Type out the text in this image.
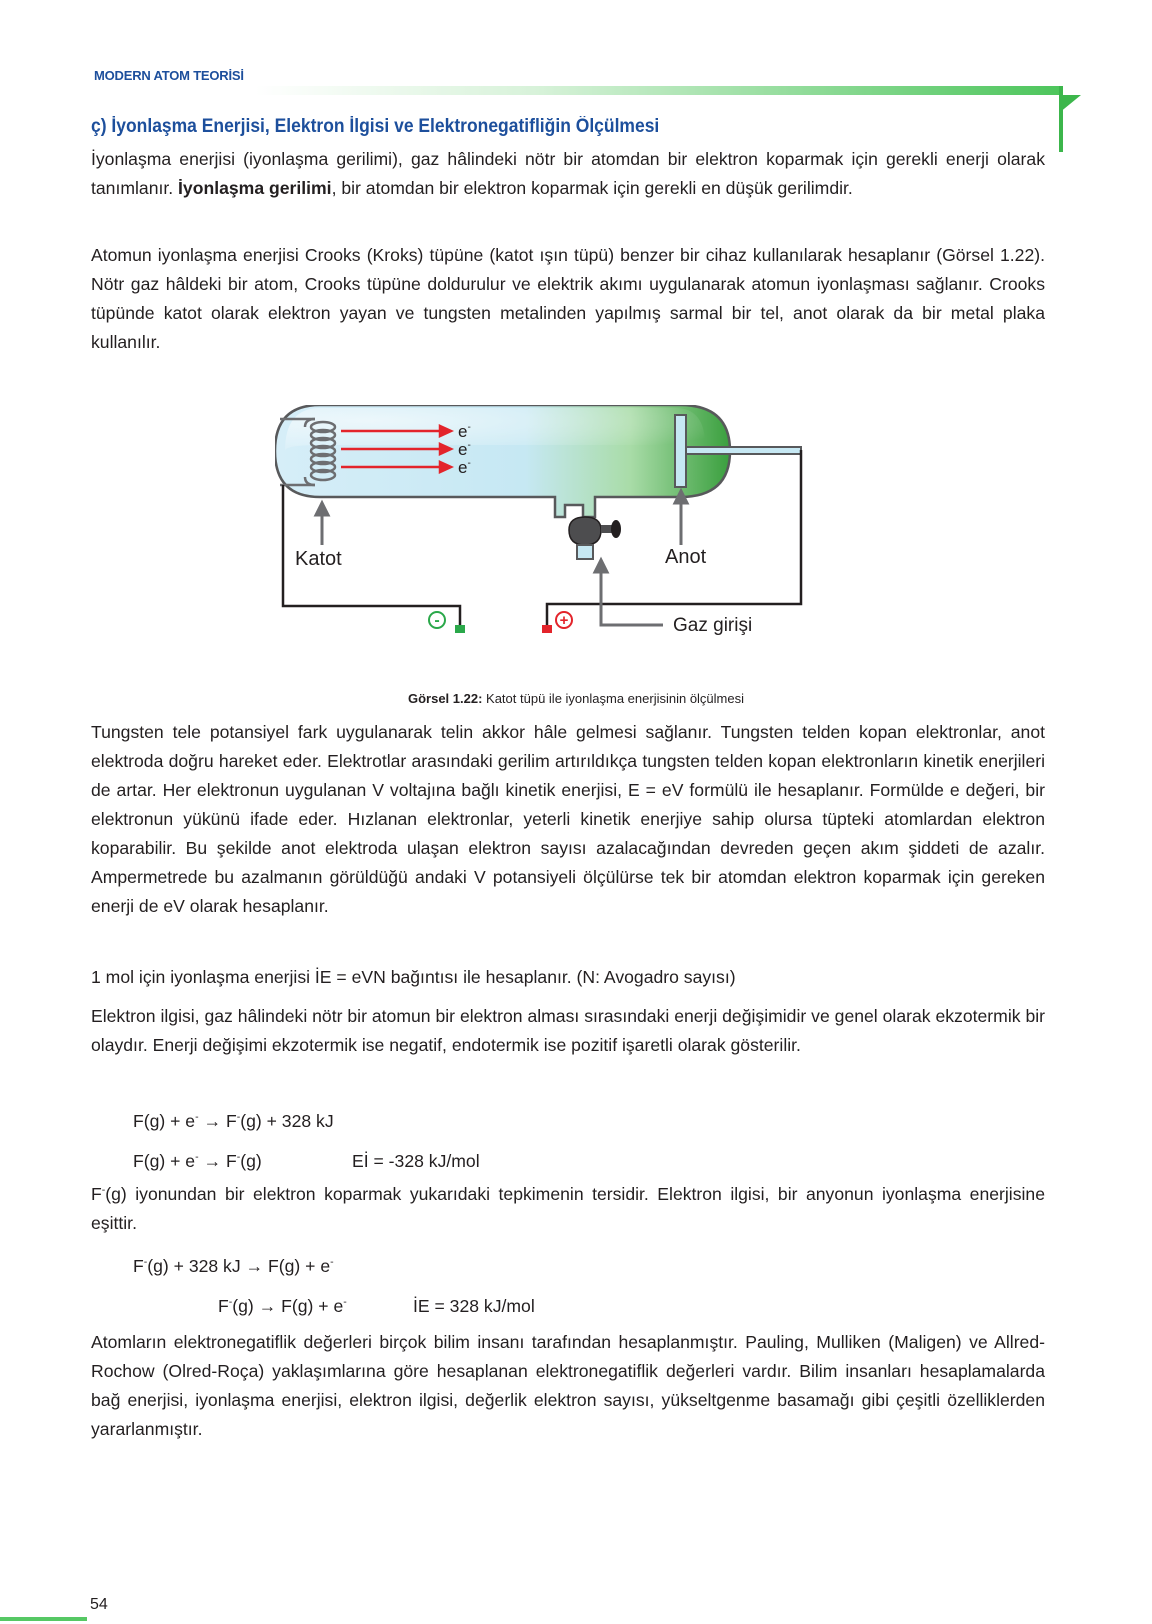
MODERN ATOM TEORİSİ
ç) İyonlaşma Enerjisi, Elektron İlgisi ve Elektronegatifliğin Ölçülmesi

İyonlaşma enerjisi (iyonlaşma gerilimi), gaz hâlindeki nötr bir atomdan bir elektron koparmak için gerekli enerji olarak tanımlanır. İyonlaşma gerilimi, bir atomdan bir elektron koparmak için gerekli en düşük gerilimdir.

Atomun iyonlaşma enerjisi Crooks (Kroks) tüpüne (katot ışın tüpü) benzer bir cihaz kullanılarak hesaplanır (Görsel 1.22). Nötr gaz hâldeki bir atom, Crooks tüpüne doldurulur ve elektrik akımı uygulanarak atomun iyonlaşması sağlanır. Crooks tüpünde katot olarak elektron yayan ve tungsten metalinden yapılmış sarmal bir tel, anot olarak da bir metal plaka kullanılır.

e-
e-
e-
-	+
Katot	Anot
Gaz girişi
Görsel 1.22: Katot tüpü ile iyonlaşma enerjisinin ölçülmesi

Tungsten tele potansiyel fark uygulanarak telin akkor hâle gelmesi sağlanır. Tungsten telden kopan elektronlar, anot elektroda doğru hareket eder. Elektrotlar arasındaki gerilim artırıldıkça tungsten telden kopan elektronların kinetik enerjileri de artar. Her elektronun uygulanan V voltajına bağlı kinetik enerjisi, E = eV formülü ile hesaplanır. Formülde e değeri, bir elektronun yükünü ifade eder. Hızlanan elektronlar, yeterli kinetik enerjiye sahip olursa tüpteki atomlardan elektron koparabilir. Bu şekilde anot elektroda ulaşan elektron sayısı azalacağından devreden geçen akım şiddeti de azalır. Ampermetrede bu azalmanın görüldüğü andaki V potansiyeli ölçülürse tek bir atomdan elektron koparmak için gereken enerji de eV olarak hesaplanır.

1 mol için iyonlaşma enerjisi İE = eVN bağıntısı ile hesaplanır. (N: Avogadro sayısı)

Elektron ilgisi, gaz hâlindeki nötr bir atomun bir elektron alması sırasındaki enerji değişimidir ve genel olarak ekzotermik bir olaydır. Enerji değişimi ekzotermik ise negatif, endotermik ise pozitif işaretli olarak gösterilir.

F(g) + e- → F-(g) + 328 kJ
F(g) + e- → F-(g)	Eİ = -328 kJ/mol

F-(g) iyonundan bir elektron koparmak yukarıdaki tepkimenin tersidir. Elektron ilgisi, bir anyonun iyonlaşma enerjisine eşittir.

F-(g) + 328 kJ → F(g) + e-
F-(g) → F(g) + e-	İE = 328 kJ/mol

Atomların elektronegatiflik değerleri birçok bilim insanı tarafından hesaplanmıştır. Pauling, Mulliken (Maligen) ve Allred-Rochow (Olred-Roça) yaklaşımlarına göre hesaplanan elektronegatiflik değerleri vardır. Bilim insanları hesaplamalarda bağ enerjisi, iyonlaşma enerjisi, elektron ilgisi, değerlik elektron sayısı, yükseltgenme basamağı gibi çeşitli özelliklerden yararlanmıştır.

54
